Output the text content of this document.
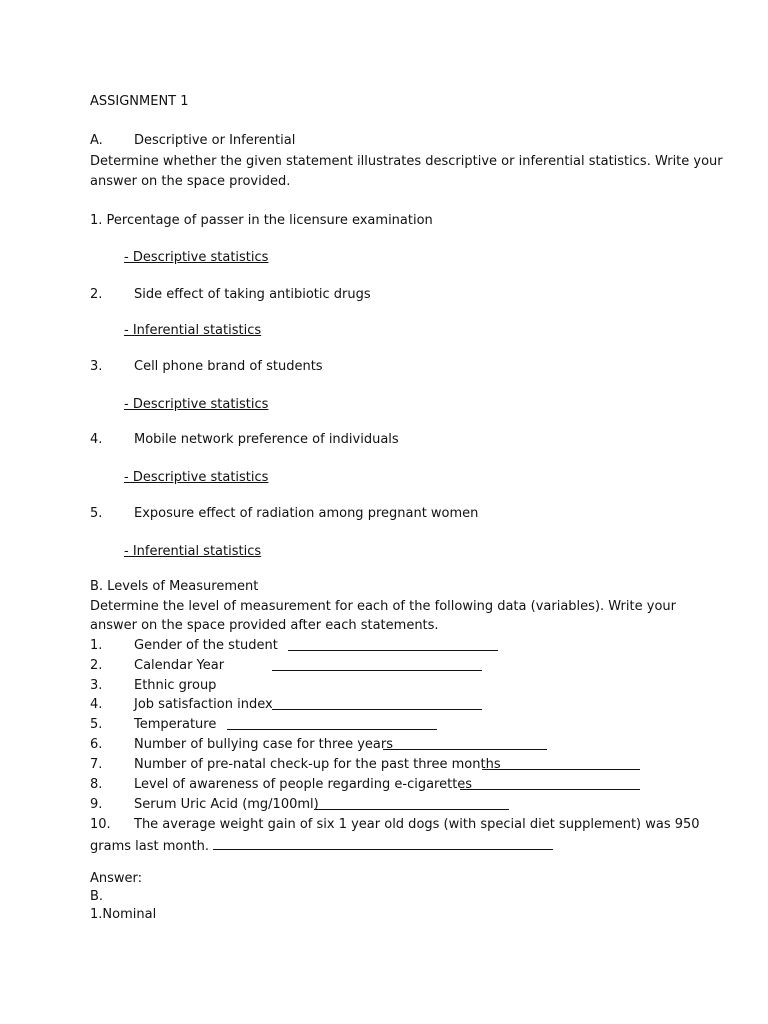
ASSIGNMENT 1
A. Descriptive or Inferential
Determine whether the given statement illustrates descriptive or inferential statistics. Write your
answer on the space provided.
1. Percentage of passer in the licensure examination
- Descriptive statistics
2. Side effect of taking antibiotic drugs
- Inferential statistics
3. Cell phone brand of students
- Descriptive statistics
4. Mobile network preference of individuals
- Descriptive statistics
5. Exposure effect of radiation among pregnant women
- Inferential statistics
B. Levels of Measurement
Determine the level of measurement for each of the following data (variables). Write your
answer on the space provided after each statements.
1. Gender of the student
2. Calendar Year
3. Ethnic group
4. Job satisfaction index
5. Temperature
6. Number of bullying case for three years
7. Number of pre-natal check-up for the past three months
8. Level of awareness of people regarding e-cigarettes
9. Serum Uric Acid (mg/100ml)
10. The average weight gain of six 1 year old dogs (with special diet supplement) was 950
grams last month.
Answer:
B.
1.Nominal
